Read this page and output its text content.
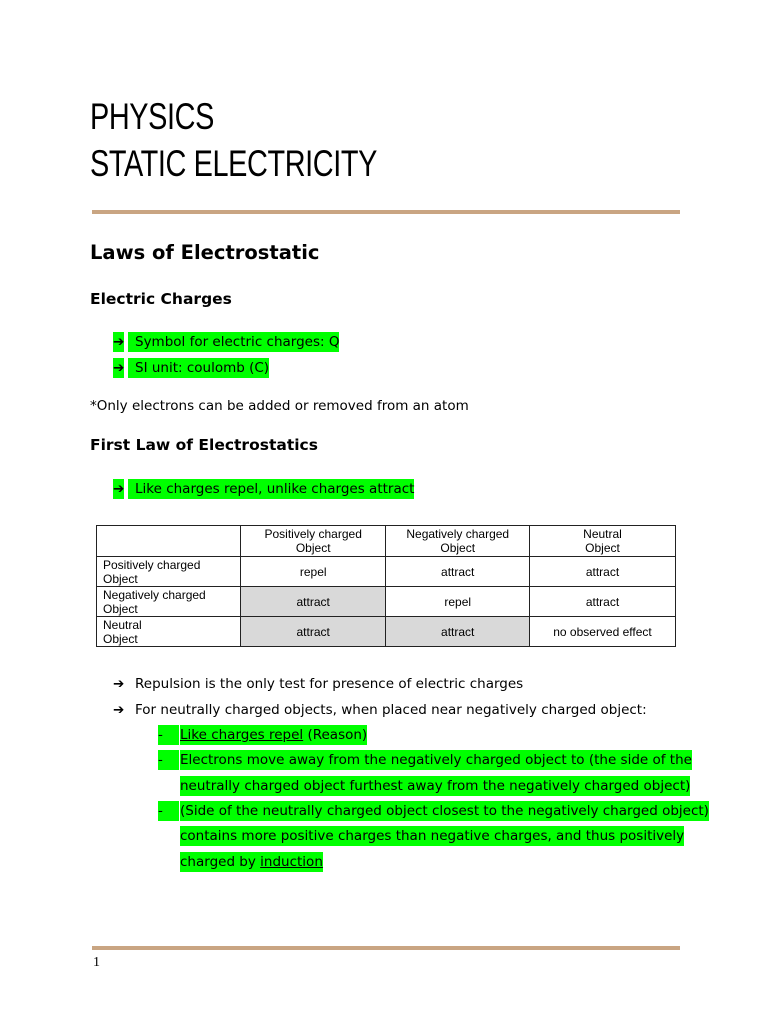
PHYSICS
STATIC ELECTRICITY
Laws of Electrostatic
Electric Charges
➔ Symbol for electric charges: Q
➔ SI unit: coulomb (C)
*Only electrons can be added or removed from an atom
First Law of Electrostatics
➔ Like charges repel, unlike charges attract
	Positively charged Object	Negatively charged Object	Neutral Object
Positively charged Object	repel	attract	attract
Negatively charged Object	attract	repel	attract
Neutral Object	attract	attract	no observed effect
➔ Repulsion is the only test for presence of electric charges
➔ For neutrally charged objects, when placed near negatively charged object:
-	Like charges repel (Reason)
-	Electrons move away from the negatively charged object to (the side of the
neutrally charged object furthest away from the negatively charged object)
-	(Side of the neutrally charged object closest to the negatively charged object)
contains more positive charges than negative charges, and thus positively
charged by induction
1
